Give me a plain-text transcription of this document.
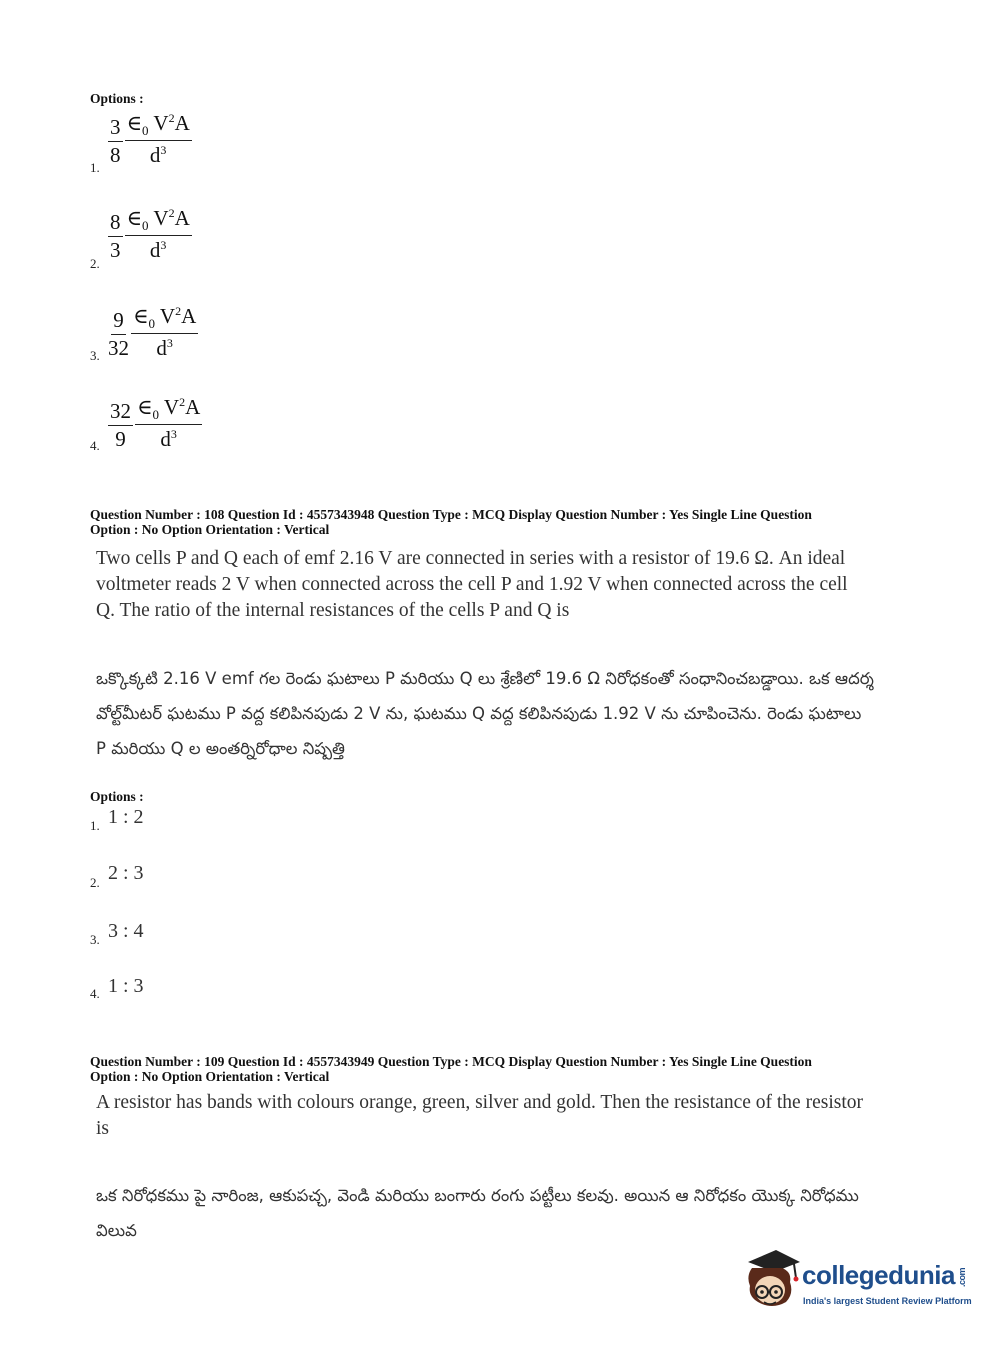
Options :
1.
$\frac{3}{8} \frac{\in_0 V^2A}{d^3}$
2.
$\frac{8}{3} \frac{\in_0 V^2A}{d^3}$
3. $\frac{9}{32} \frac{\in_0 V^2A}{d^3}$
4. $\frac{32}{9} \frac{\in_0 V^2A}{d^3}$
Question Number : 108 Question Id : 4557343948 Question Type : MCQ Display Question Number : Yes Single Line Question
Option : No Option Orientation : Vertical
Two cells P and Q each of emf 2.16 V are connected in series with a resistor of 19.6 Ω. An ideal voltmeter reads 2 V when connected across the cell P and 1.92 V when connected across the cell Q. The ratio of the internal resistances of the cells P and Q is
ఒక్కొక్కటి 2.16 V emf గల రెండు ఘటాలు P మరియు Q లు శ్రేణిలో 19.6 Ω నిరోధకంతో సంధానించబడ్డాయి. ఒక ఆదర్శ వోల్ట్‌మీటర్ ఘటము P వద్ద కలిపినపుడు 2 V ను, ఘటము Q వద్ద కలిపినపుడు 1.92 V ను చూపించెను. రెండు ఘటాలు P మరియు Q ల అంతర్నిరోధాల నిష్పత్తి
Options :
1. 1 : 2
2. 2 : 3
3. 3 : 4
4. 1 : 3
Question Number : 109 Question Id : 4557343949 Question Type : MCQ Display Question Number : Yes Single Line Question
Option : No Option Orientation : Vertical
A resistor has bands with colours orange, green, silver and gold. Then the resistance of the resistor is
ఒక నిరోధకము పై నారింజ, ఆకుపచ్చ, వెండి మరియు బంగారు రంగు పట్టీలు కలవు. అయిన ఆ నిరోధకం యొక్క నిరోధము విలువ
collegedunia .com
India's largest Student Review Platform
